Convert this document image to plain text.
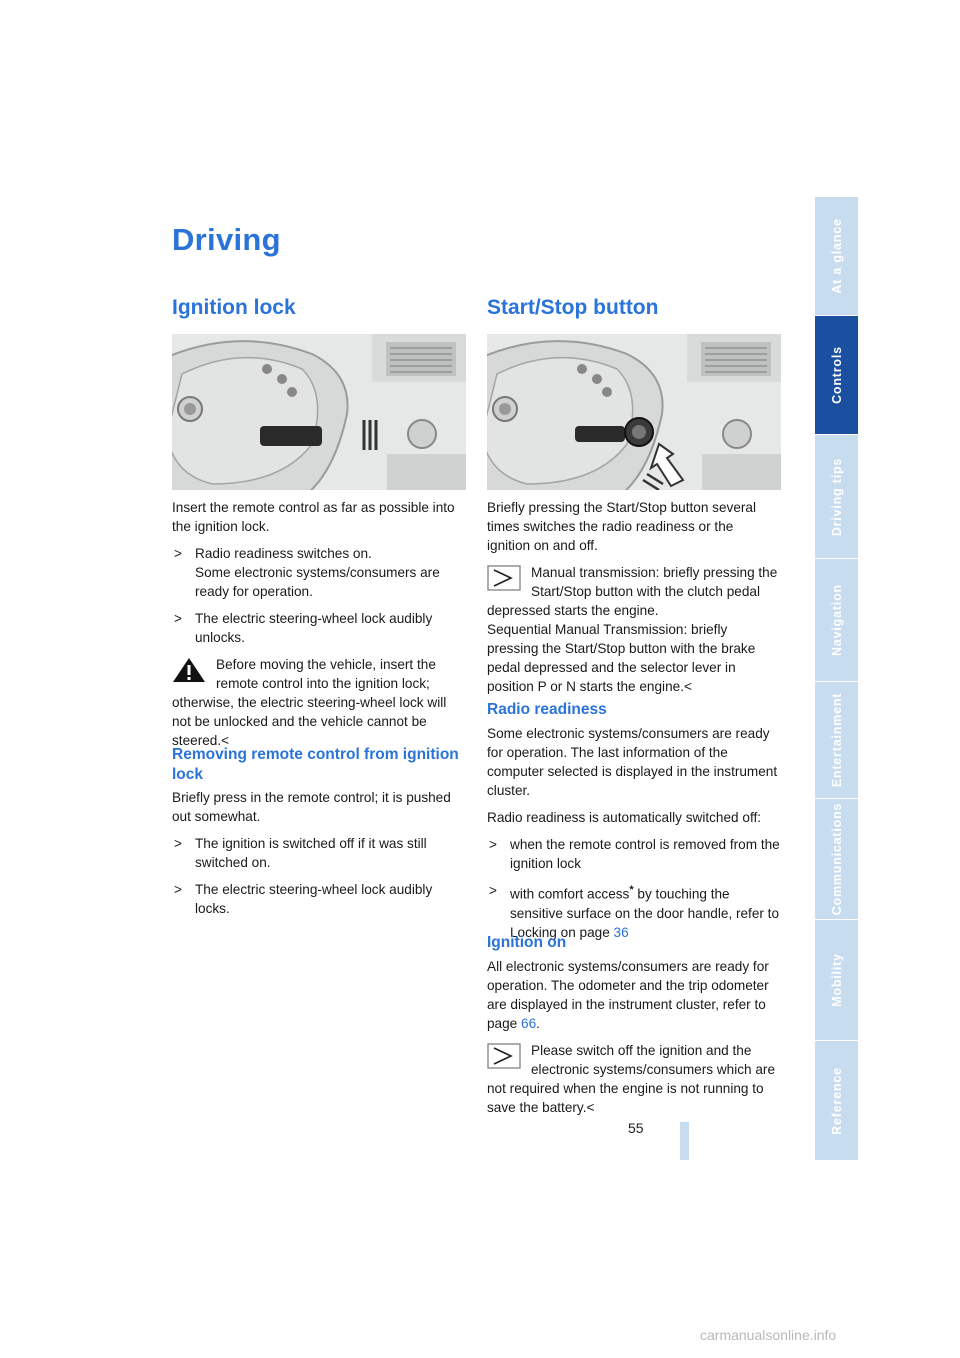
Driving
Ignition lock

Insert the remote control as far as possible into the ignition lock.

> Radio readiness switches on.
Some electronic systems/consumers are ready for operation.
> The electric steering-wheel lock audibly unlocks.
Before moving the vehicle, insert the remote control into the ignition lock; otherwise, the electric steering-wheel lock will not be unlocked and the vehicle cannot be steered.<
Removing remote control from ignition lock

Briefly press in the remote control; it is pushed out somewhat.

> The ignition is switched off if it was still switched on.
> The electric steering-wheel lock audibly locks.
Start/Stop button

Briefly pressing the Start/Stop button several times switches the radio readiness or the ignition on and off.

Manual transmission: briefly pressing the Start/Stop button with the clutch pedal depressed starts the engine.
Sequential Manual Transmission: briefly pressing the Start/Stop button with the brake pedal depressed and the selector lever in position P or N starts the engine.<
Radio readiness

Some electronic systems/consumers are ready for operation. The last information of the computer selected is displayed in the instrument cluster.

Radio readiness is automatically switched off:

> when the remote control is removed from the ignition lock
> with comfort access* by touching the sensitive surface on the door handle, refer to Locking on page 36
Ignition on

All electronic systems/consumers are ready for operation. The odometer and the trip odometer are displayed in the instrument cluster, refer to page 66.

Please switch off the ignition and the electronic systems/consumers which are not required when the engine is not running to save the battery.<
At a glance
Controls
Driving tips
Navigation
Entertainment
Communications
Mobility
Reference
55
carmanualsonline.info
